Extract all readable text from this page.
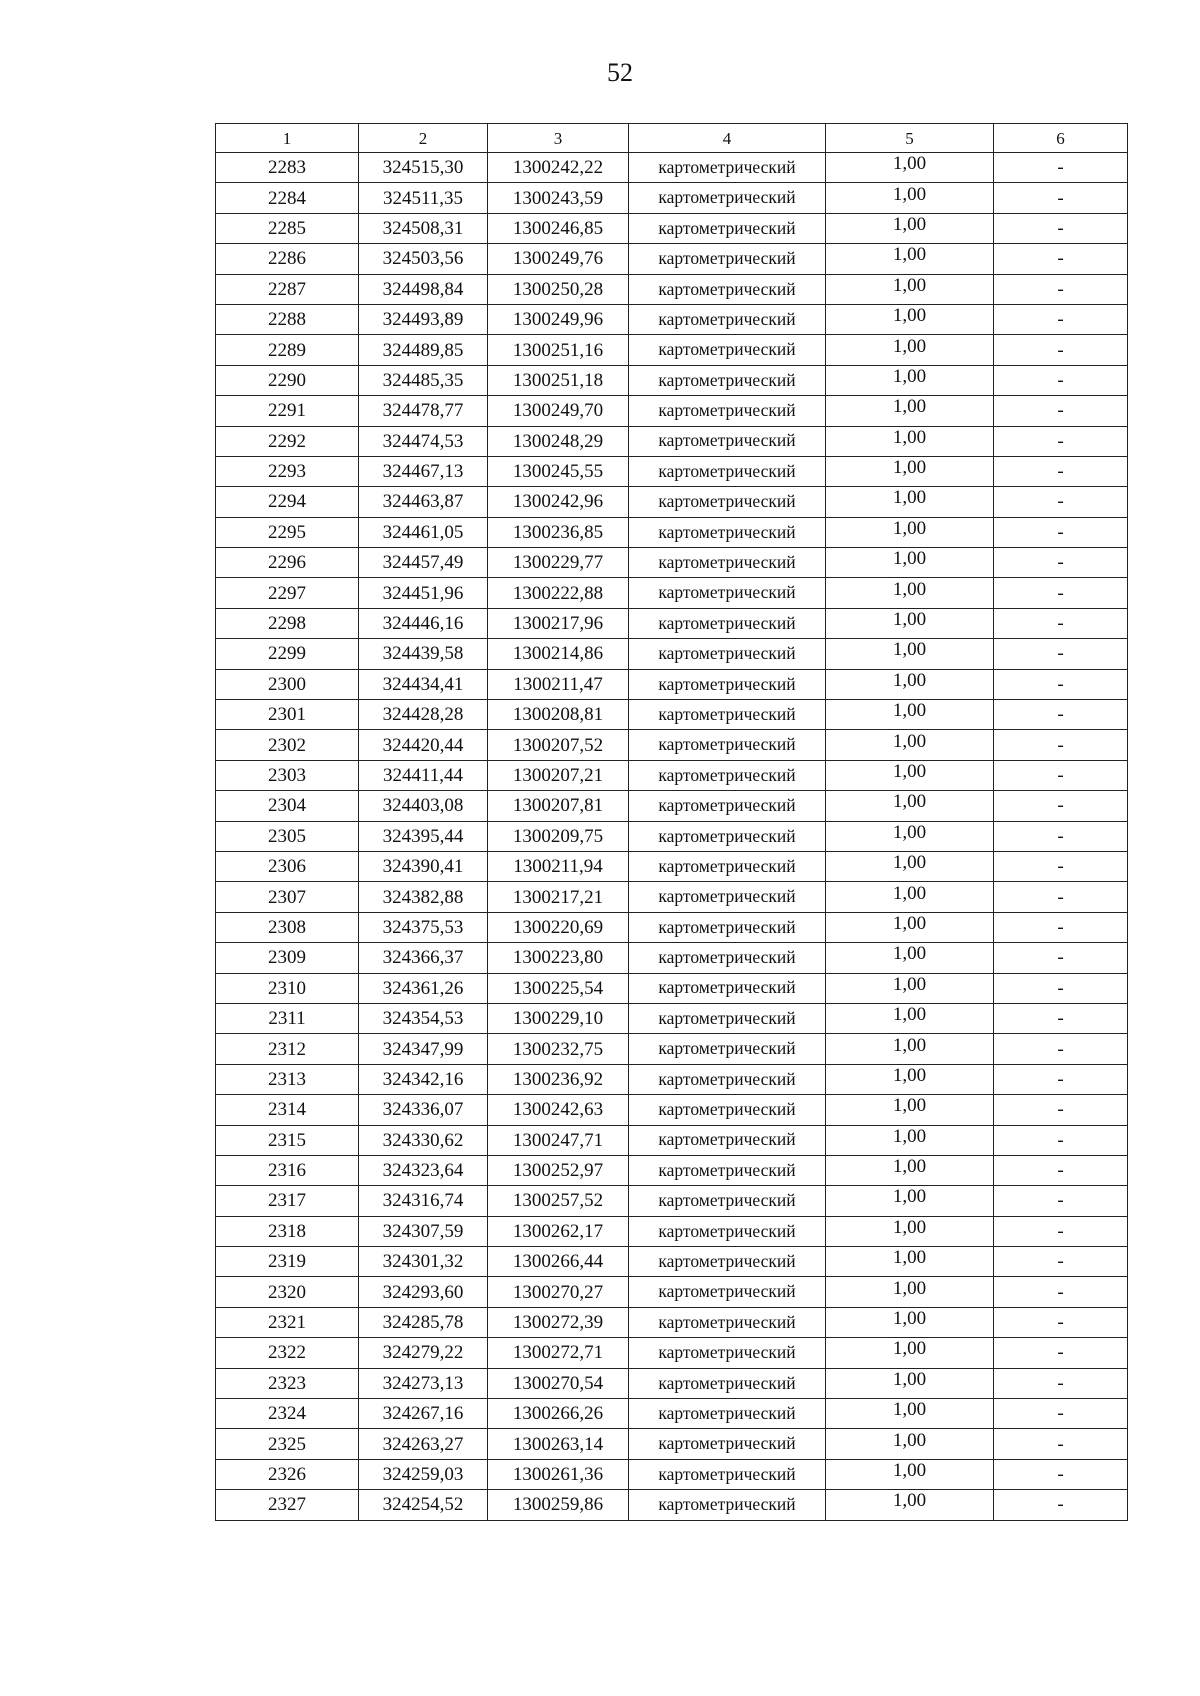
52
1	2	3	4	5	6
2283	324515,30	1300242,22	картометрический	1,00	-
2284	324511,35	1300243,59	картометрический	1,00	-
2285	324508,31	1300246,85	картометрический	1,00	-
2286	324503,56	1300249,76	картометрический	1,00	-
2287	324498,84	1300250,28	картометрический	1,00	-
2288	324493,89	1300249,96	картометрический	1,00	-
2289	324489,85	1300251,16	картометрический	1,00	-
2290	324485,35	1300251,18	картометрический	1,00	-
2291	324478,77	1300249,70	картометрический	1,00	-
2292	324474,53	1300248,29	картометрический	1,00	-
2293	324467,13	1300245,55	картометрический	1,00	-
2294	324463,87	1300242,96	картометрический	1,00	-
2295	324461,05	1300236,85	картометрический	1,00	-
2296	324457,49	1300229,77	картометрический	1,00	-
2297	324451,96	1300222,88	картометрический	1,00	-
2298	324446,16	1300217,96	картометрический	1,00	-
2299	324439,58	1300214,86	картометрический	1,00	-
2300	324434,41	1300211,47	картометрический	1,00	-
2301	324428,28	1300208,81	картометрический	1,00	-
2302	324420,44	1300207,52	картометрический	1,00	-
2303	324411,44	1300207,21	картометрический	1,00	-
2304	324403,08	1300207,81	картометрический	1,00	-
2305	324395,44	1300209,75	картометрический	1,00	-
2306	324390,41	1300211,94	картометрический	1,00	-
2307	324382,88	1300217,21	картометрический	1,00	-
2308	324375,53	1300220,69	картометрический	1,00	-
2309	324366,37	1300223,80	картометрический	1,00	-
2310	324361,26	1300225,54	картометрический	1,00	-
2311	324354,53	1300229,10	картометрический	1,00	-
2312	324347,99	1300232,75	картометрический	1,00	-
2313	324342,16	1300236,92	картометрический	1,00	-
2314	324336,07	1300242,63	картометрический	1,00	-
2315	324330,62	1300247,71	картометрический	1,00	-
2316	324323,64	1300252,97	картометрический	1,00	-
2317	324316,74	1300257,52	картометрический	1,00	-
2318	324307,59	1300262,17	картометрический	1,00	-
2319	324301,32	1300266,44	картометрический	1,00	-
2320	324293,60	1300270,27	картометрический	1,00	-
2321	324285,78	1300272,39	картометрический	1,00	-
2322	324279,22	1300272,71	картометрический	1,00	-
2323	324273,13	1300270,54	картометрический	1,00	-
2324	324267,16	1300266,26	картометрический	1,00	-
2325	324263,27	1300263,14	картометрический	1,00	-
2326	324259,03	1300261,36	картометрический	1,00	-
2327	324254,52	1300259,86	картометрический	1,00	-
